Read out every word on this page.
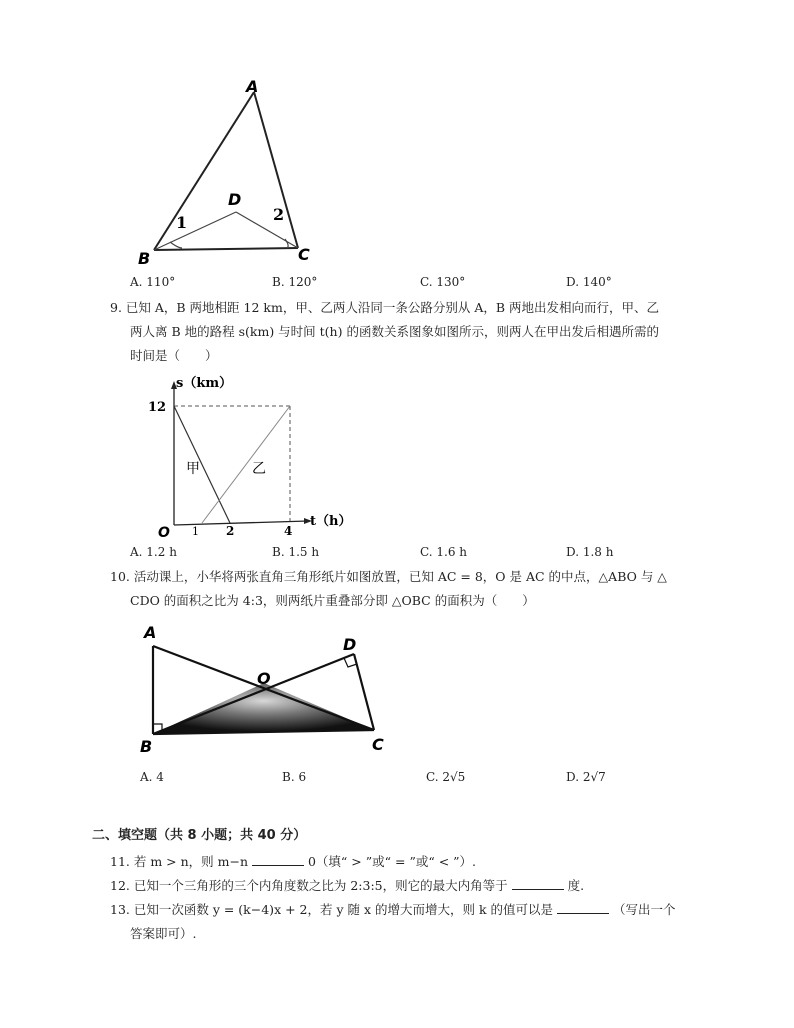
A
B	C
D
1	2
A. 110°	B. 120°	C. 130°	D. 140°
9. 已知 A，B 两地相距 12 km，甲、乙两人沿同一条公路分别从 A，B 两地出发相向而行，甲、乙
两人离 B 地的路程 s(km) 与时间 t(h) 的函数关系图象如图所示，则两人在甲出发后相遇所需的
时间是（　　）
s（km）
t（h）
12
O 1 2	4
甲	乙
A. 1.2 h	B. 1.5 h	C. 1.6 h	D. 1.8 h
10. 活动课上，小华将两张直角三角形纸片如图放置，已知 AC = 8，O 是 AC 的中点，△ABO 与 △
CDO 的面积之比为 4:3，则两纸片重叠部分即 △OBC 的面积为（　　）
A
B	C
D
O
A. 4	B. 6	C. 2√5	D. 2√7
二、填空题（共 8 小题；共 40 分）
11. 若 m > n，则 m−n	0（填“ > ”或“ = ”或“ < ”）.
12. 已知一个三角形的三个内角度数之比为 2:3:5，则它的最大内角等于	度.
13. 已知一次函数 y = (k−4)x + 2，若 y 随 x 的增大而增大，则 k 的值可以是	（写出一个
答案即可）.
